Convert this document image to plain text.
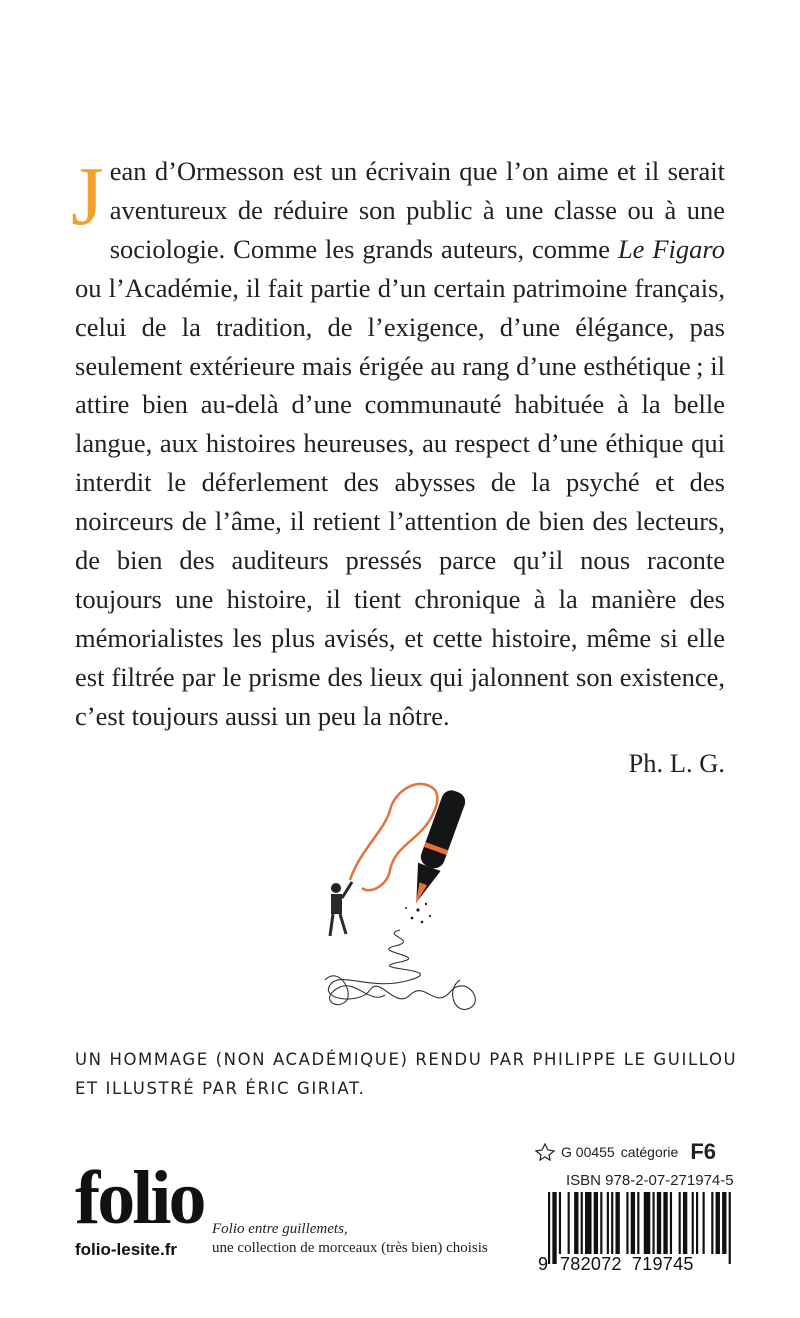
Jean d’Ormesson est un écrivain que l’on aime et il serait aventureux de réduire son public à une classe ou à une sociologie. Comme les grands auteurs, comme Le Figaro ou l’Académie, il fait partie d’un certain patrimoine français, celui de la tradition, de l’exigence, d’une élégance, pas seulement extérieure mais érigée au rang d’une esthétique ; il attire bien au-delà d’une communauté habituée à la belle langue, aux histoires heureuses, au respect d’une éthique qui interdit le déferlement des abysses de la psyché et des noirceurs de l’âme, il retient l’attention de bien des lecteurs, de bien des auditeurs pressés parce qu’il nous raconte toujours une histoire, il tient chronique à la manière des mémorialistes les plus avisés, et cette histoire, même si elle est filtrée par le prisme des lieux qui jalonnent son existence, c’est toujours aussi un peu la nôtre.

Ph. L. G.
UN HOMMAGE (NON ACADÉMIQUE) RENDU PAR PHILIPPE LE GUILLOU
ET ILLUSTRÉ PAR ÉRIC GIRIAT.
folio
folio-lesite.fr
Folio entre guillemets,
une collection de morceaux (très bien) choisis
G 00455 catégorie F6
ISBN 978-2-07-271974-5
9 782072 719745
